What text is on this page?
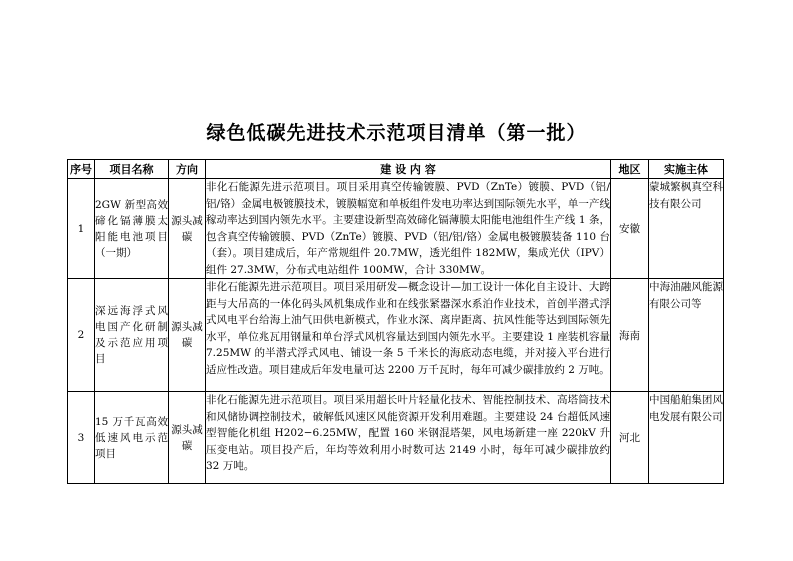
绿色低碳先进技术示范项目清单（第一批）
序号	项目名称	方向	建 设 内 容	地区	实施主体
1	2GW 新型高效碲化镉薄膜太阳能电池项目（一期）	源头减碳	非化石能源先进示范项目。项目采用真空传输镀膜、PVD（ZnTe）镀膜、PVD（铝/铝/铬）金属电极镀膜技术，镀膜幅宽和单板组件发电功率达到国际领先水平，单一产线稼动率达到国内领先水平。主要建设新型高效碲化镉薄膜太阳能电池组件生产线 1 条，包含真空传输镀膜、PVD（ZnTe）镀膜、PVD（铝/铝/铬）金属电极镀膜装备 110 台（套）。项目建成后，年产常规组件 20.7MW，透光组件 182MW，集成光伏（IPV）组件 27.3MW，分布式电站组件 100MW，合计 330MW。	安徽	蒙城繁枫真空科技有限公司
2	深远海浮式风电国产化研制及示范应用项目	源头减碳	非化石能源先进示范项目。项目采用研发—概念设计—加工设计一体化自主设计、大跨距与大吊高的一体化码头风机集成作业和在线张紧器深水系泊作业技术，首创半潜式浮式风电平台给海上油气田供电新模式，作业水深、离岸距离、抗风性能等达到国际领先水平，单位兆瓦用钢量和单台浮式风机容量达到国内领先水平。主要建设 1 座装机容量 7.25MW 的半潜式浮式风电、铺设一条 5 千米长的海底动态电缆，并对接入平台进行适应性改造。项目建成后年发电量可达 2200 万千瓦时，每年可减少碳排放约 2 万吨。	海南	中海油融风能源有限公司等
3	15 万千瓦高效低速风电示范项目	源头减碳	非化石能源先进示范项目。项目采用超长叶片轻量化技术、智能控制技术、高塔筒技术和风储协调控制技术，破解低风速区风能资源开发利用难题。主要建设 24 台超低风速型智能化机组 H202−6.25MW，配置 160 米钢混塔架，风电场新建一座 220kV 升压变电站。项目投产后，年均等效利用小时数可达 2149 小时，每年可减少碳排放约 32 万吨。	河北	中国船舶集团风电发展有限公司
